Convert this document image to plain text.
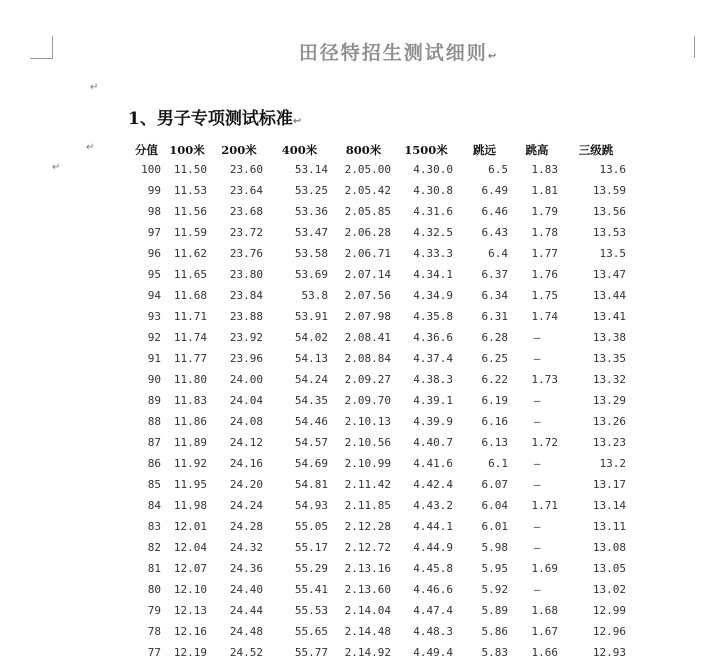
田径特招生测试细则↩
↵
1、男子专项测试标准↩
↵
↵
分值	100米	200米	400米	800米	1500米	跳远	跳高	三级跳
100	11.50	23.60	53.14	2.05.00	4.30.0	6.5	1.83	13.6
99	11.53	23.64	53.25	2.05.42	4.30.8	6.49	1.81	13.59
98	11.56	23.68	53.36	2.05.85	4.31.6	6.46	1.79	13.56
97	11.59	23.72	53.47	2.06.28	4.32.5	6.43	1.78	13.53
96	11.62	23.76	53.58	2.06.71	4.33.3	6.4	1.77	13.5
95	11.65	23.80	53.69	2.07.14	4.34.1	6.37	1.76	13.47
94	11.68	23.84	53.8	2.07.56	4.34.9	6.34	1.75	13.44
93	11.71	23.88	53.91	2.07.98	4.35.8	6.31	1.74	13.41
92	11.74	23.92	54.02	2.08.41	4.36.6	6.28	—	13.38
91	11.77	23.96	54.13	2.08.84	4.37.4	6.25	—	13.35
90	11.80	24.00	54.24	2.09.27	4.38.3	6.22	1.73	13.32
89	11.83	24.04	54.35	2.09.70	4.39.1	6.19	—	13.29
88	11.86	24.08	54.46	2.10.13	4.39.9	6.16	—	13.26
87	11.89	24.12	54.57	2.10.56	4.40.7	6.13	1.72	13.23
86	11.92	24.16	54.69	2.10.99	4.41.6	6.1	—	13.2
85	11.95	24.20	54.81	2.11.42	4.42.4	6.07	—	13.17
84	11.98	24.24	54.93	2.11.85	4.43.2	6.04	1.71	13.14
83	12.01	24.28	55.05	2.12.28	4.44.1	6.01	—	13.11
82	12.04	24.32	55.17	2.12.72	4.44.9	5.98	—	13.08
81	12.07	24.36	55.29	2.13.16	4.45.8	5.95	1.69	13.05
80	12.10	24.40	55.41	2.13.60	4.46.6	5.92	—	13.02
79	12.13	24.44	55.53	2.14.04	4.47.4	5.89	1.68	12.99
78	12.16	24.48	55.65	2.14.48	4.48.3	5.86	1.67	12.96
77	12.19	24.52	55.77	2.14.92	4.49.4	5.83	1.66	12.93
